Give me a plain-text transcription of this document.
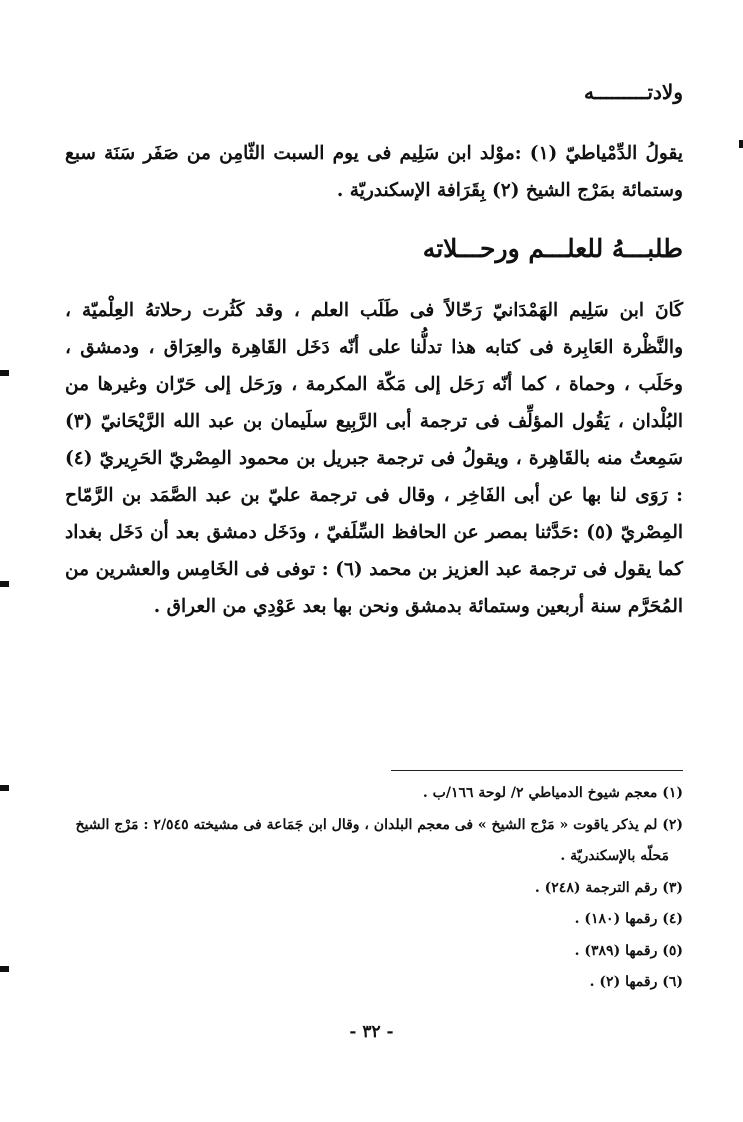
ولادتـــــــــه

يقولُ الدِّمْياطيّ (١) :موْلد ابن سَلِيم فى يوم السبت الثّامِن من صَفَر سَنَة سبع وستمائة بمَرْج الشيخ (٢) بِقَرَافة الإسكندريّة .

طلبـــهُ للعلـــم ورحـــلاته

كَانَ ابن سَلِيم الهَمْدَانيّ رَحّالاً فى طَلَب العلم ، وقد كَثُرت رحلاتهُ العِلْميّة ، والنَّظْرة العَابِرة فى كتابه هذا تدلُّنا على أنّه دَخَل القَاهِرة والعِرَاق ، ودمشق ، وحَلَب ، وحماة ، كما أنّه رَحَل إلى مَكّة المكرمة ، ورَحَل إلى حَرّان وغيرها من البُلْدان ، يَقُول المؤلِّف فى ترجمة أبى الرَّبِيع سلَيمان بن عبد الله الرَّيْحَانيّ (٣) سَمِعتُ منه بالقَاهِرة ، ويقولُ فى ترجمة جبريل بن محمود المِصْريّ الحَرِيريّ (٤) : رَوَى لنا بها عن أبى الفَاخِر ، وقال فى ترجمة عليّ بن عبد الصَّمَد بن الرَّمّاح المِصْريّ (٥) :حَدَّثنا بمصر عن الحافظ السِّلَفيّ ، ودَخَل دمشق بعد أن دَخَل بغداد كما يقول فى ترجمة عبد العزيز بن محمد (٦) : توفى فى الخَامِس والعشرين من المُحَرَّم سنة أربعين وستمائة بدمشق ونحن بها بعد عَوْدِي من العراق .

(١) معجم شيوخ الدمياطي ٢/ لوحة ١٦٦/ب .
(٢) لم يذكر ياقوت « مَرْج الشيخ » فى معجم البلدان ، وقال ابن جَمَاعة فى مشيخته ٢/٥٤٥ : مَرْج الشيخ
مَحلّه بالإسكندريّة .
(٣) رقم الترجمة (٢٤٨) .
(٤) رقمها (١٨٠) .
(٥) رقمها (٣٨٩) .
(٦) رقمها (٢) .
- ٣٢ -
